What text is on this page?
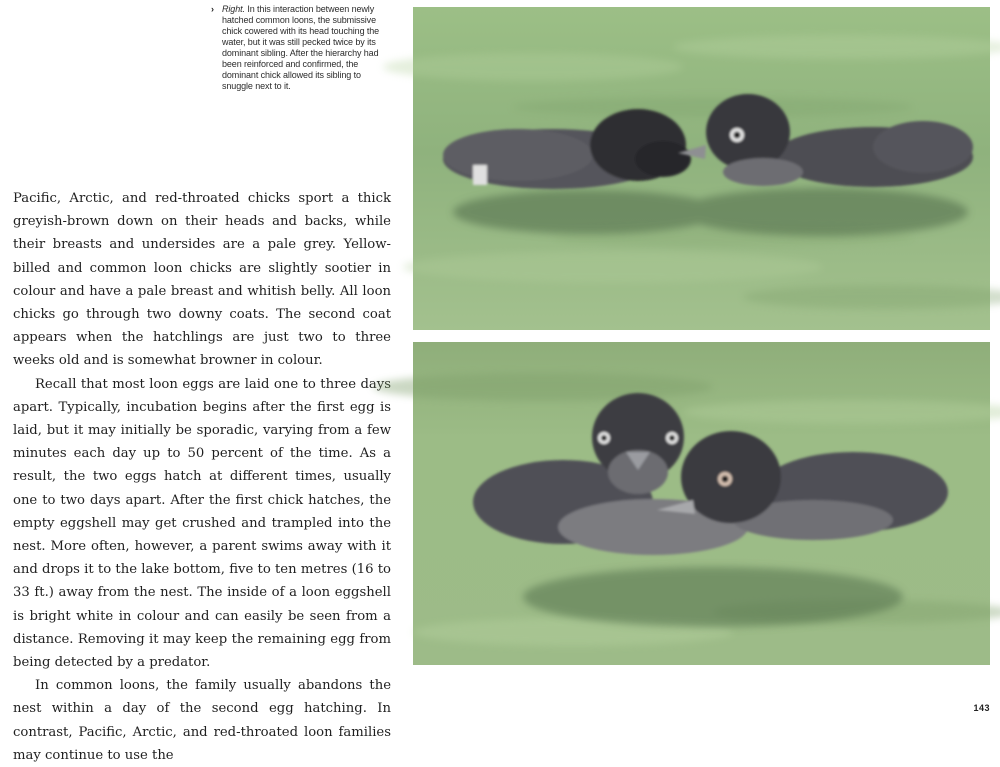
› Right. In this interaction between newly hatched common loons, the submissive chick cowered with its head touching the water, but it was still pecked twice by its dominant sibling. After the hierarchy had been reinforced and confirmed, the dominant chick allowed its sibling to snuggle next to it.

Pacific, Arctic, and red-throated chicks sport a thick greyish-brown down on their heads and backs, while their breasts and undersides are a pale grey. Yellow-billed and common loon chicks are slightly sootier in colour and have a pale breast and whitish belly. All loon chicks go through two downy coats. The second coat appears when the hatchlings are just two to three weeks old and is somewhat browner in colour.

Recall that most loon eggs are laid one to three days apart. Typically, incubation begins after the first egg is laid, but it may initially be sporadic, varying from a few minutes each day up to 50 percent of the time. As a result, the two eggs hatch at different times, usually one to two days apart. After the first chick hatches, the empty eggshell may get crushed and trampled into the nest. More often, however, a parent swims away with it and drops it to the lake bottom, five to ten metres (16 to 33 ft.) away from the nest. The inside of a loon eggshell is bright white in colour and can easily be seen from a distance. Removing it may keep the remaining egg from being detected by a predator.

In common loons, the family usually abandons the nest within a day of the second egg hatching. In contrast, Pacific, Arctic, and red-throated loon families may continue to use the

143
